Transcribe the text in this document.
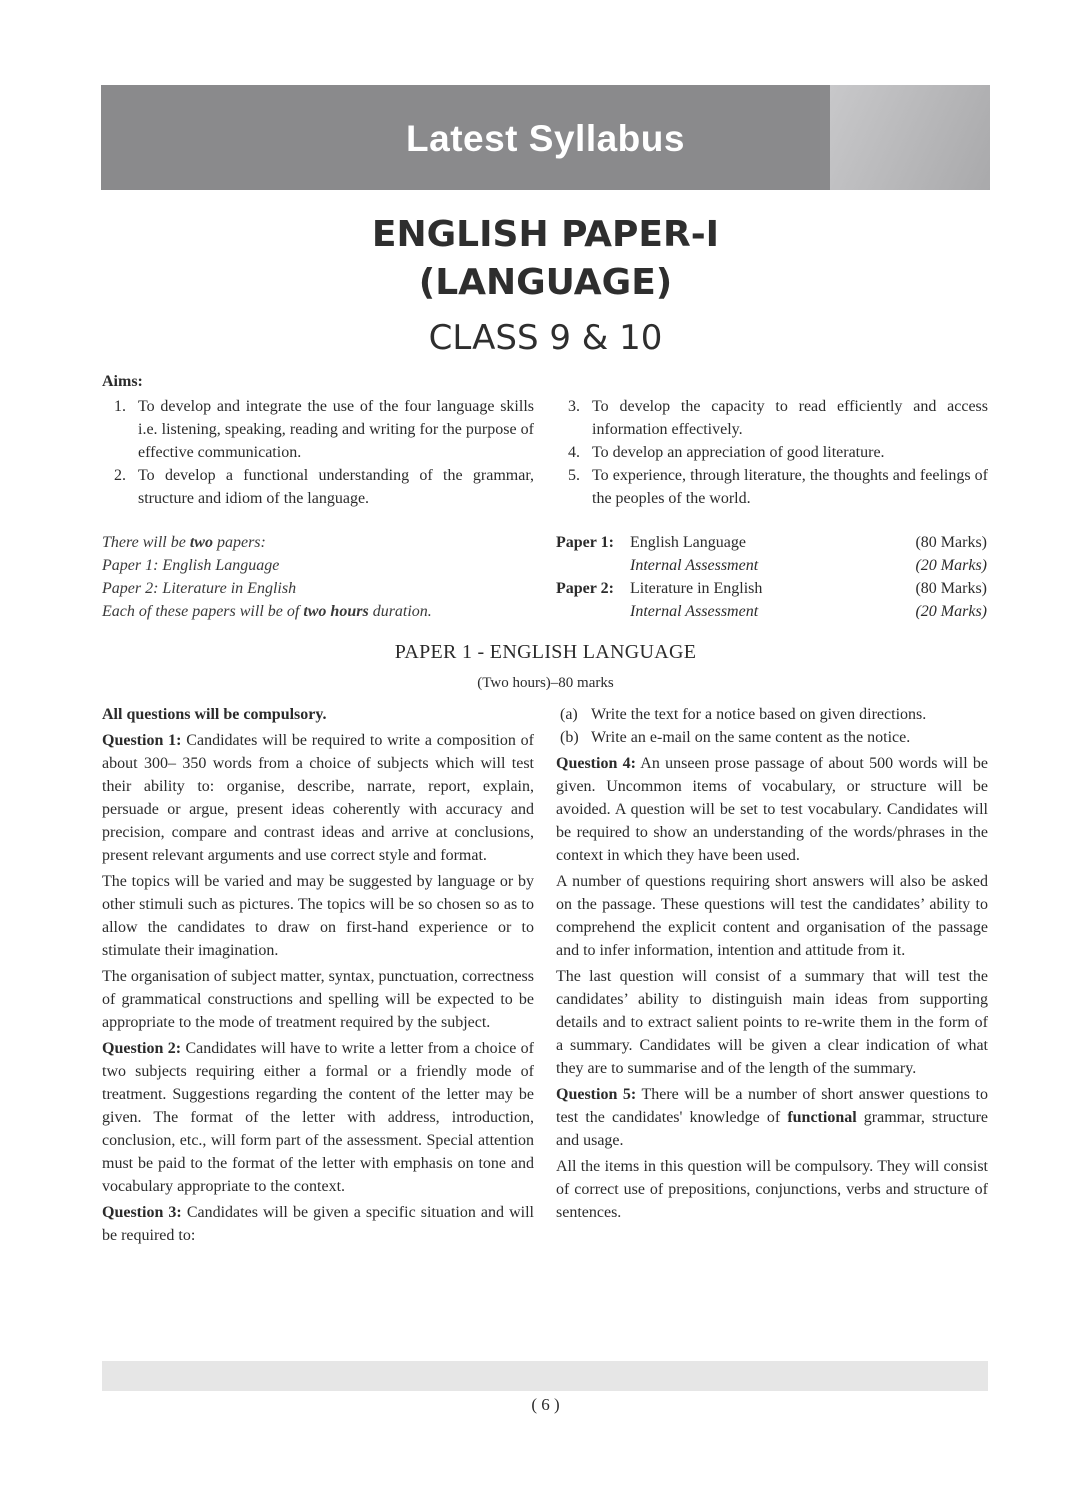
Latest Syllabus
ENGLISH PAPER-I
(LANGUAGE)
CLASS 9 & 10
Aims:
1. To develop and integrate the use of the four language skills i.e. listening, speaking, reading and writing for the purpose of effective communication.
2. To develop a functional understanding of the grammar, structure and idiom of the language.
3. To develop the capacity to read efficiently and access information effectively.
4. To develop an appreciation of good literature.
5. To experience, through literature, the thoughts and feelings of the peoples of the world.
There will be two papers:
Paper 1: English Language
Paper 2: Literature in English
Each of these papers will be of two hours duration.
Paper 1: English Language	(80 Marks)
Internal Assessment	(20 Marks)
Paper 2: Literature in English	(80 Marks)
Internal Assessment	(20 Marks)
PAPER 1 - ENGLISH LANGUAGE
(Two hours)–80 marks

All questions will be compulsory.

Question 1: Candidates will be required to write a composition of about 300– 350 words from a choice of subjects which will test their ability to: organise, describe, narrate, report, explain, persuade or argue, present ideas coherently with accuracy and precision, compare and contrast ideas and arrive at conclusions, present relevant arguments and use correct style and format.

The topics will be varied and may be suggested by language or by other stimuli such as pictures. The topics will be so chosen so as to allow the candidates to draw on first-hand experience or to stimulate their imagination.

The organisation of subject matter, syntax, punctuation, correctness of grammatical constructions and spelling will be expected to be appropriate to the mode of treatment required by the subject.

Question 2: Candidates will have to write a letter from a choice of two subjects requiring either a formal or a friendly mode of treatment. Suggestions regarding the content of the letter may be given. The format of the letter with address, introduction, conclusion, etc., will form part of the assessment. Special attention must be paid to the format of the letter with emphasis on tone and vocabulary appropriate to the context.

Question 3: Candidates will be given a specific situation and will be required to:

(a) Write the text for a notice based on given directions.
(b) Write an e-mail on the same content as the notice.

Question 4: An unseen prose passage of about 500 words will be given. Uncommon items of vocabulary, or structure will be avoided. A question will be set to test vocabulary. Candidates will be required to show an understanding of the words/phrases in the context in which they have been used.

A number of questions requiring short answers will also be asked on the passage. These questions will test the candidates’ ability to comprehend the explicit content and organisation of the passage and to infer information, intention and attitude from it.

The last question will consist of a summary that will test the candidates’ ability to distinguish main ideas from supporting details and to extract salient points to re-write them in the form of a summary. Candidates will be given a clear indication of what they are to summarise and of the length of the summary.

Question 5: There will be a number of short answer questions to test the candidates' knowledge of functional grammar, structure and usage.

All the items in this question will be compulsory. They will consist of correct use of prepositions, conjunctions, verbs and structure of sentences.

( 6 )
